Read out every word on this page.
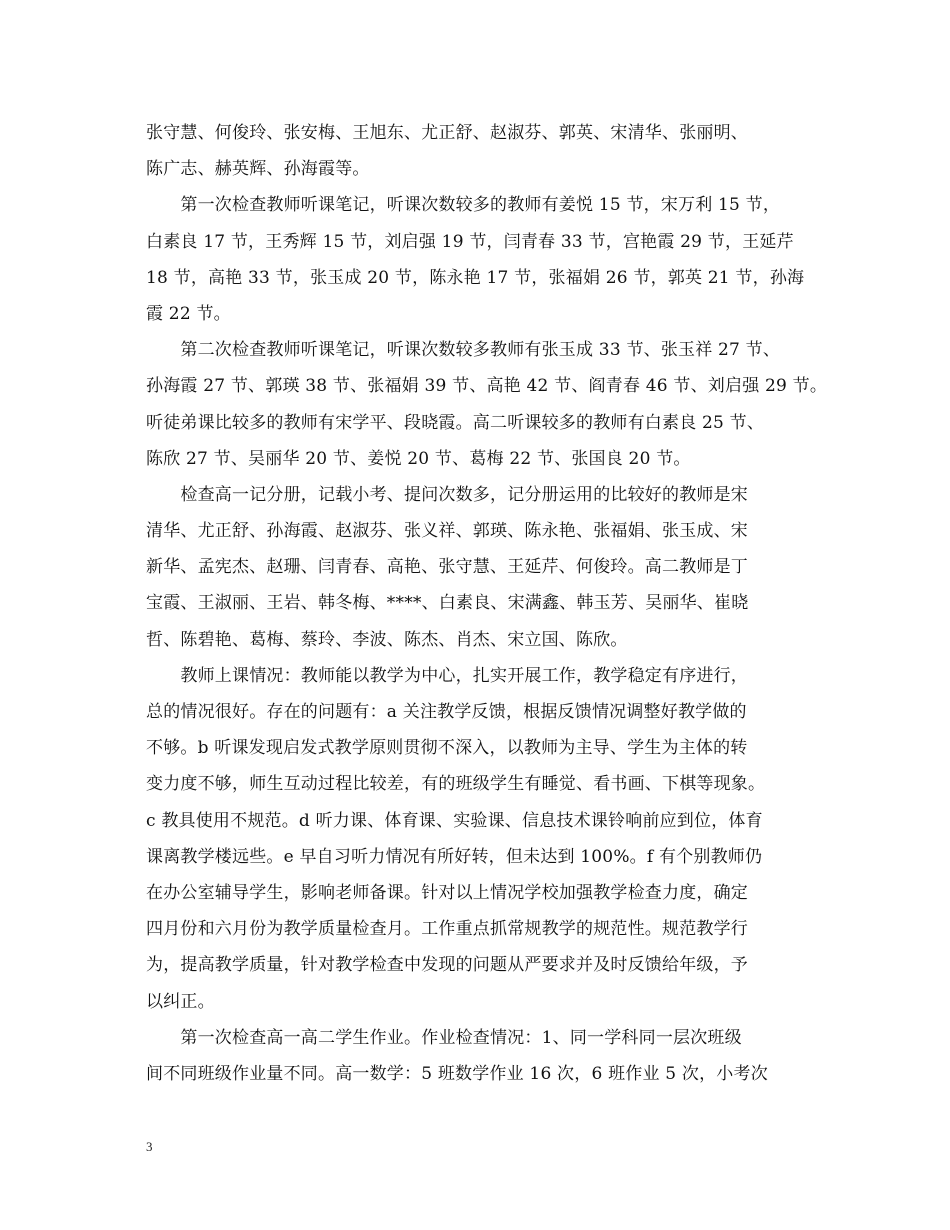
张守慧、何俊玲、张安梅、王旭东、尤正舒、赵淑芬、郭英、宋清华、张丽明、
陈广志、赫英辉、孙海霞等。
　　第一次检查教师听课笔记，听课次数较多的教师有姜悦 15 节，宋万利 15 节，
白素良 17 节，王秀辉 15 节，刘启强 19 节，闫青春 33 节，宫艳霞 29 节，王延芹
18 节，高艳 33 节，张玉成 20 节，陈永艳 17 节，张福娟 26 节，郭英 21 节，孙海
霞 22 节。
　　第二次检查教师听课笔记，听课次数较多教师有张玉成 33 节、张玉祥 27 节、
孙海霞 27 节、郭瑛 38 节、张福娟 39 节、高艳 42 节、阎青春 46 节、刘启强 29 节。
听徒弟课比较多的教师有宋学平、段晓霞。高二听课较多的教师有白素良 25 节、
陈欣 27 节、吴丽华 20 节、姜悦 20 节、葛梅 22 节、张国良 20 节。
　　检查高一记分册，记载小考、提问次数多，记分册运用的比较好的教师是宋
清华、尤正舒、孙海霞、赵淑芬、张义祥、郭瑛、陈永艳、张福娟、张玉成、宋
新华、孟宪杰、赵珊、闫青春、高艳、张守慧、王延芹、何俊玲。高二教师是丁
宝霞、王淑丽、王岩、韩冬梅、****、白素良、宋满鑫、韩玉芳、吴丽华、崔晓
哲、陈碧艳、葛梅、蔡玲、李波、陈杰、肖杰、宋立国、陈欣。
　　教师上课情况：教师能以教学为中心，扎实开展工作，教学稳定有序进行，
总的情况很好。存在的问题有：a 关注教学反馈，根据反馈情况调整好教学做的
不够。b 听课发现启发式教学原则贯彻不深入，以教师为主导、学生为主体的转
变力度不够，师生互动过程比较差，有的班级学生有睡觉、看书画、下棋等现象。
c 教具使用不规范。d 听力课、体育课、实验课、信息技术课铃响前应到位，体育
课离教学楼远些。e 早自习听力情况有所好转，但未达到 100%。f 有个别教师仍
在办公室辅导学生，影响老师备课。针对以上情况学校加强教学检查力度，确定
四月份和六月份为教学质量检查月。工作重点抓常规教学的规范性。规范教学行
为，提高教学质量，针对教学检查中发现的问题从严要求并及时反馈给年级，予
以纠正。
　　第一次检查高一高二学生作业。作业检查情况：1、同一学科同一层次班级
间不同班级作业量不同。高一数学：5 班数学作业 16 次，6 班作业 5 次，小考次
3
